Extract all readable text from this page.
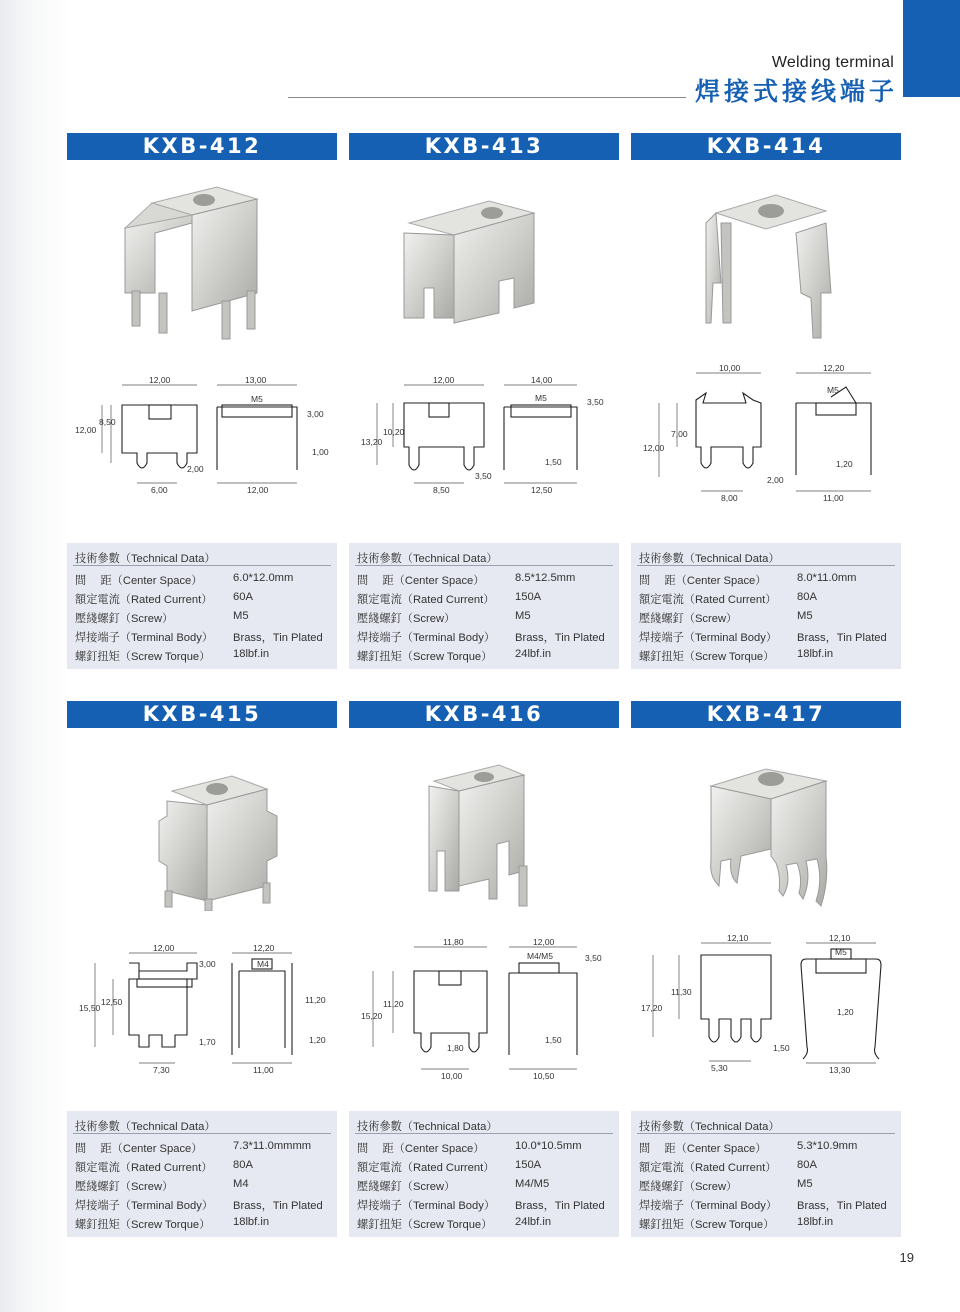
Welding terminal
焊接式接线端子
KXB-412
12,00
12,00
8,50
6,00
2,00
13,00
M5
3,00
1,00
12,00
技術參數（Technical Data）
間　 距（Center Space）	6.0*12.0mm
額定電流（Rated Current） 60A
壓綫螺釘（Screw）	M5
焊接端子（Terminal Body） Brass，Tin Plated
螺釘扭矩（Screw Torque） 18lbf.in
KXB-413
12,00
13,20
10,20
8,50
3,50
14,00
M5	3,50
1,50
12,50
技術參數（Technical Data）
間　 距（Center Space）	8.5*12.5mm
額定電流（Rated Current） 150A
壓綫螺釘（Screw）	M5
焊接端子（Terminal Body） Brass，Tin Plated
螺釘扭矩（Screw Torque） 24lbf.in
KXB-414
10,00
12,00
7,00
8,00
2,00
12,20
M5
1,20
11,00
技術參數（Technical Data）
間　 距（Center Space）	8.0*11.0mm
額定電流（Rated Current） 80A
壓綫螺釘（Screw）	M5
焊接端子（Terminal Body） Brass，Tin Plated
螺釘扭矩（Screw Torque） 18lbf.in
KXB-415
12,00
15,50
12,50
3,00
7,30
1,70
12,20
M4
11,20
1,20
11,00
技術參數（Technical Data）
間　 距（Center Space）	7.3*11.0mmmm
額定電流（Rated Current） 80A
壓綫螺釘（Screw）	M4
焊接端子（Terminal Body） Brass，Tin Plated
螺釘扭矩（Screw Torque） 18lbf.in
KXB-416
11,80
15,20
11,20
1,80
10,00
12,00
M4/M5	3,50
1,50
10,50
技術參數（Technical Data）
間　 距（Center Space）	10.0*10.5mm
額定電流（Rated Current） 150A
壓綫螺釘（Screw）	M4/M5
焊接端子（Terminal Body） Brass，Tin Plated
螺釘扭矩（Screw Torque） 24lbf.in
KXB-417
12,10
17,20
11,30
5,30
1,50
12,10
M5
1,20
13,30
技術參數（Technical Data）
間　 距（Center Space）	5.3*10.9mm
額定電流（Rated Current） 80A
壓綫螺釘（Screw）	M5
焊接端子（Terminal Body） Brass，Tin Plated
螺釘扭矩（Screw Torque） 18lbf.in
19
